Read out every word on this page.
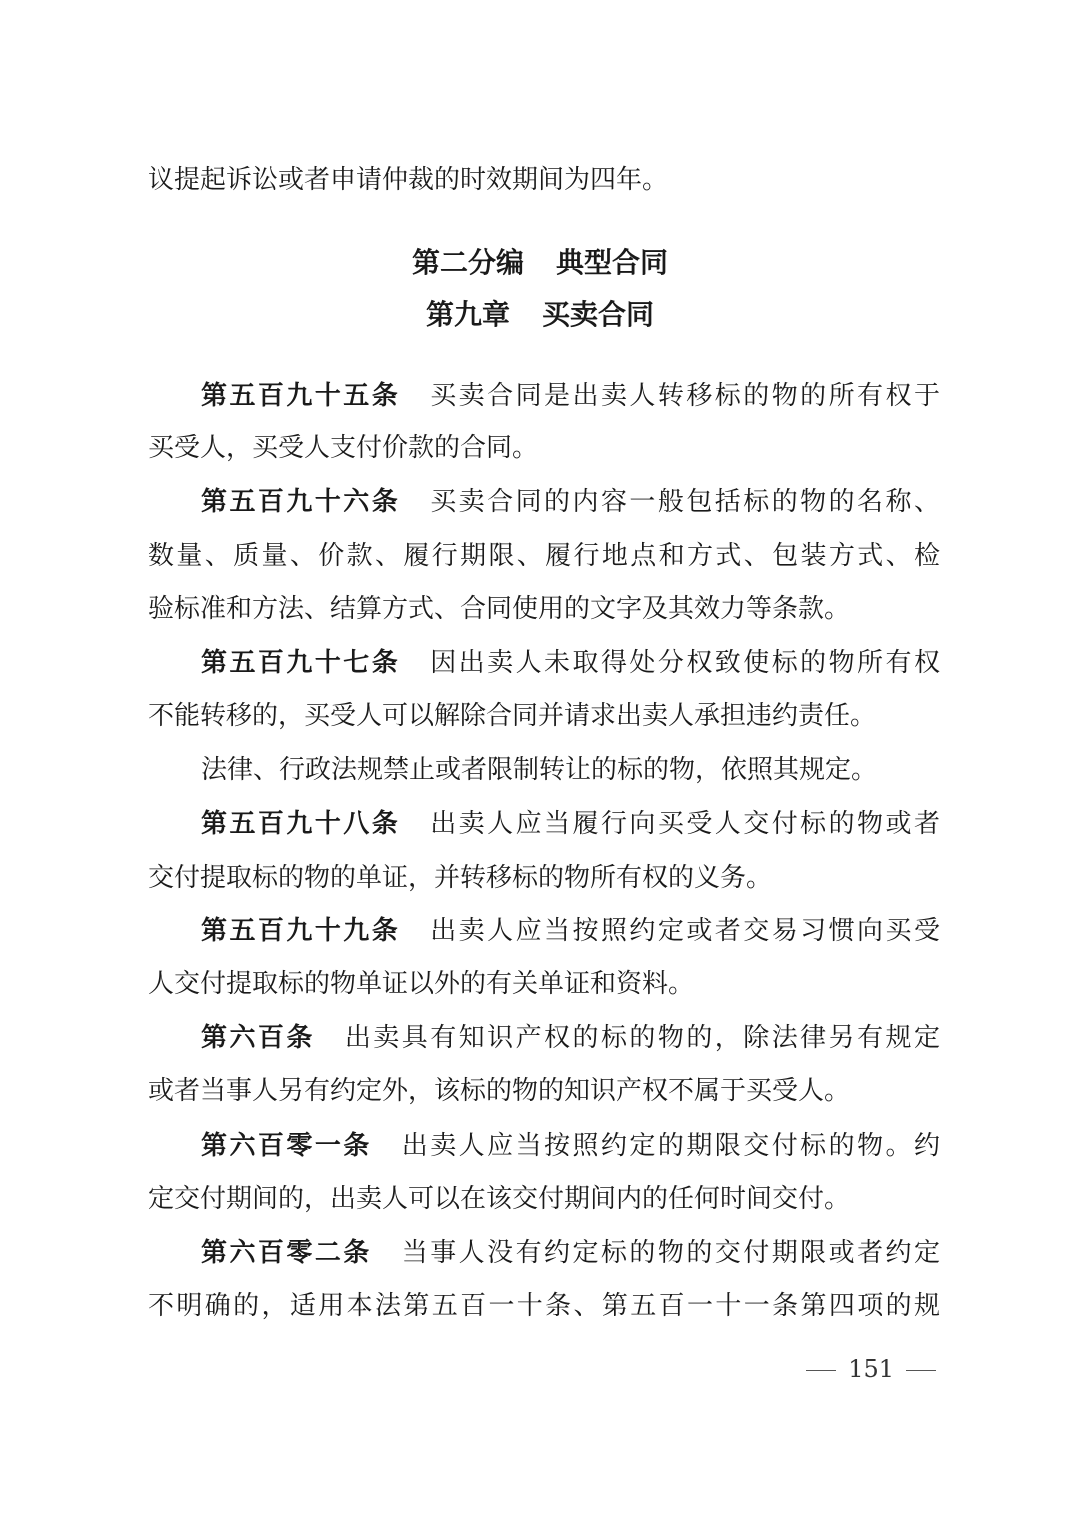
议提起诉讼或者申请仲裁的时效期间为四年。
第二分编 典型合同
第九章 买卖合同
第五百九十五条 买卖合同是出卖人转移标的物的所有权于
买受人，买受人支付价款的合同。
第五百九十六条 买卖合同的内容一般包括标的物的名称、
数量、质量、价款、履行期限、履行地点和方式、包装方式、检
验标准和方法、结算方式、合同使用的文字及其效力等条款。
第五百九十七条 因出卖人未取得处分权致使标的物所有权
不能转移的，买受人可以解除合同并请求出卖人承担违约责任。
法律、行政法规禁止或者限制转让的标的物，依照其规定。
第五百九十八条 出卖人应当履行向买受人交付标的物或者
交付提取标的物的单证，并转移标的物所有权的义务。
第五百九十九条 出卖人应当按照约定或者交易习惯向买受
人交付提取标的物单证以外的有关单证和资料。
第六百条 出卖具有知识产权的标的物的，除法律另有规定
或者当事人另有约定外，该标的物的知识产权不属于买受人。
第六百零一条 出卖人应当按照约定的期限交付标的物。约
定交付期间的，出卖人可以在该交付期间内的任何时间交付。
第六百零二条 当事人没有约定标的物的交付期限或者约定
不明确的，适用本法第五百一十条、第五百一十一条第四项的规
151
